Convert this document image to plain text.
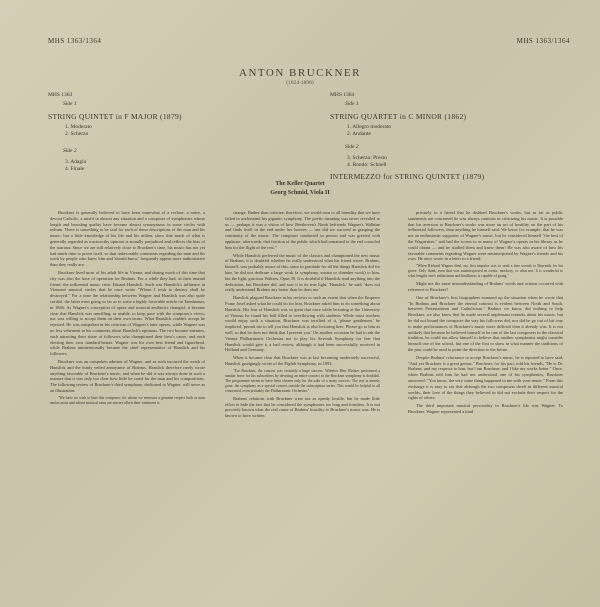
MHS 1363/1364	MHS 1363/1364
ANTON BRUCKNER
(1824-1896)
MHS 1363
Side 1
STRING QUINTET in F MAJOR (1879)
1. Moderato
2. Scherzo
Side 2
3. Adagio
4. Finale
MHS 1364
Side 1
STRING QUARTET in C MINOR (1862)
1. Allegro moderato
2. Andante
Side 2
3. Scherzo: Presto
4. Rondo: Schnell
INTERMEZZO for STRING QUINTET (1879)
The Keller Quartet
Georg Schmid, Viola II

Bruckner is generally believed to have been somewhat of a recluse, a naive, a devout Catholic, a misfit in almost any situation and a composer of symphonies whose length and brooding quality have become almost synonymous in some circles with tedium. There is something to be said for each of these descriptions of the man and his music, but a little knowledge of his life and his milieu, show that much of what is generally regarded as trustworthy opinion is actually prejudiced and reflects the bias of the narrator. Since we are still relatively close to Bruckner's time, his music has not yet had much time to prove itself, so that unfavorable comments regarding the man and his work by people who knew him and 'should know,' frequently appear more authoritative than they really are.

Bruckner lived most of his adult life in Vienna, and during much of this time that city was also the base of operation for Brahms. For a while they had, as their mutual friend, the influential music critic Eduard Hanslick. Such was Hanslick's influence in Viennese musical circles that he once wrote "Whom I wish to destroy shall be destroyed." For a time the relationship between Wagner and Hanslick was also quite cordial, the latter even going so far as to write a highly favorable article on Tannhauser, in 1846. As Wagner's conception of opera and musical aesthetics changed, it became clear that Hanslick was unwilling, or unable, to keep pace with the composer's views, nor was willing to accept them on their own terms. What Hanslick couldn't accept he rejected. He was outspoken in his criticism of Wagner's later operas, while Wagner was no less vehement in his comments about Hanslick's opinions. The two became enemies, each attracting their share of followers who championed their hero's cause, and each electing their own standard-bearer. Wagner was his own best friend and figurehead, while Brahms unintentionally became the chief representative of Hanslick and his followers.

Bruckner was an outspoken admirer of Wagner, and as such incurred the wrath of Hanslick and the thinly veiled annoyance of Brahms. Hanslick therefore rarely wrote anything favorable of Bruckner's music, and when he did it was always done in such a manner that it was only too clear how little he cared for the man and his compositions. The following review of Bruckner's third symphony, dedicated to Wagner, will serve as an illustration:

"We have no wish to hurt this composer, for whom we entertain a genuine respect both as man and as artist and whose musical aims are sincere albeit their treatment is

strange. Rather than criticize, therefore, we would own to all humility that we have failed to understand his gigantic symphony. The poetic meaning was never revealed to us — perhaps it was a vision of how Beethoven's Ninth befriends Wagner's Walküre and finds itself in the end under her hooves — nor did we succeed in grasping the continuity of the music. The composer conducted in person and was greeted with applause; afterwards, that fraction of the public which had remained to the end consoled him for the flight of the rest."

While Hanslick preferred the music of the classics and championed the new music of Brahms, it is doubtful whether he really understood what his friend wrote. Brahms, himself, was probably aware of this, since in gratitude for all the things Hanslick did for him, he did not dedicate a large work (a symphony, sonata or chamber work) to him, but the light, gracious Waltzes, Opus 39. It is doubtful if Hanslick read anything into the dedication, but Bruckner did, and saw it in its true light: 'Hanslick,' he said, 'does not really understand Brahms any better than he does me.'

Hanslick plagued Bruckner in his reviews to such an extent that when the Emperor Franz Josef asked what he could do for him, Bruckner asked him to do something about Hanslick. His fear of Hanslick was so great that once while lecturing at the University of Vienna, he found his hall filled to overflowing with students. While most teachers would enjoy such a situation, Bruckner was terrified of it, 'please gentlemen,' he implored, 'permit me to tell you that Hanslick is also lecturing here. Please go to him as well, so that he does not think that I prevent you.' On another occasion he had to ask the Vienna Philharmonic Orchestra not to play his Seventh Symphony for fear that Hanslick would give it a bad review, although it had been successfully received in Holland and Germany.

When it became clear that Bruckner was at last becoming moderately successful, Hanslick grudgingly wrote of the Eighth Symphony, in 1892:

"For Bruckner, the concert was certainly a huge success. Whether Herr Richter performed a similar favor for his subscribers by devoting an entire concert to the Bruckner symphony is doubtful. The programme seems to have been chosen only for the sake of a noisy success. The rest is merely gone: the symphony as a special concert outside the subscription series. This would be helpful to all concerned, even probably the Philharmonic Orchestra."

Brahms' relations with Bruckner were not as openly hostile, but he made little effort to hide the fact that he considered the symphonies too long and formless. It is not precisely known what the real cause of Brahms' hostility to Bruckner's music was. He is known to have written

privately to a friend that he disliked Bruckner's works, but as far as public statements are concerned he was always cautious in criticizing his music. It is possible that his aversion to Bruckner's works was more an act of hostility on the part of his influential followers, than anything he himself said. We know for example, that he was not an enthusiastic supporter of Wagner's music, but he considered himself "the best of the Wagnerites," and had the scores to as many of Wagner's operas in his library as he could obtain — and he studied them and knew them! He was also aware of how his favorable comments regarding Wagner were misinterpreted by Wagner's friends and his own. He once wrote in a letter to a friend:

"When Richard Wagner died, my first impulse was to send a fine wreath to Bayreuth for his grave. Only think, even that was misinterpreted as ironic, mockery, or what not. It is wonderful to what lengths one's enthusiasm and kindliness is capable of going."

Might not the same misunderstanding of Brahms' words and actions occurred with reference to Bruckner?

One of Bruckner's first biographers summed up the situation when he wrote that "In Brahms and Bruckner the eternal contrast is evident between North and South, between Protestantism and Catholicism." Brahms we know, did nothing to help Bruckner, we also know that he made several unpleasant remarks about his music, but he did not hound the composer the way his followers did, nor did he go out of his way to make performances of Bruckner's music more difficult than it already was. It is not unlikely that because he believed himself to be one of the last composers in the classical tradition, he could not allow himself to believe that another symphonist might consider himself one of the school, but one of the first to show in what manner the traditions of the past could be used to point the direction to the future.

Despite Brahms' reluctance to accept Bruckner's music, he is reported to have said, "And yet Bruckner is a great genius." Bruckner, for his part, told his friends, "He is Dr. Brahms, and my respects to him, but I am Bruckner, and I like my works better." Once, when Brahms told him he had not understood one of his symphonies, Bruckner answered: "You know, the very same thing happened to me with your music." From this exchange it is easy to see that although the two composers dwelt in different musical worlds, their love of the things they believed in did not exclude their respect for the rights of others.

The third important musical personality in Bruckner's life was Wagner. To Bruckner, Wagner represented a kind
